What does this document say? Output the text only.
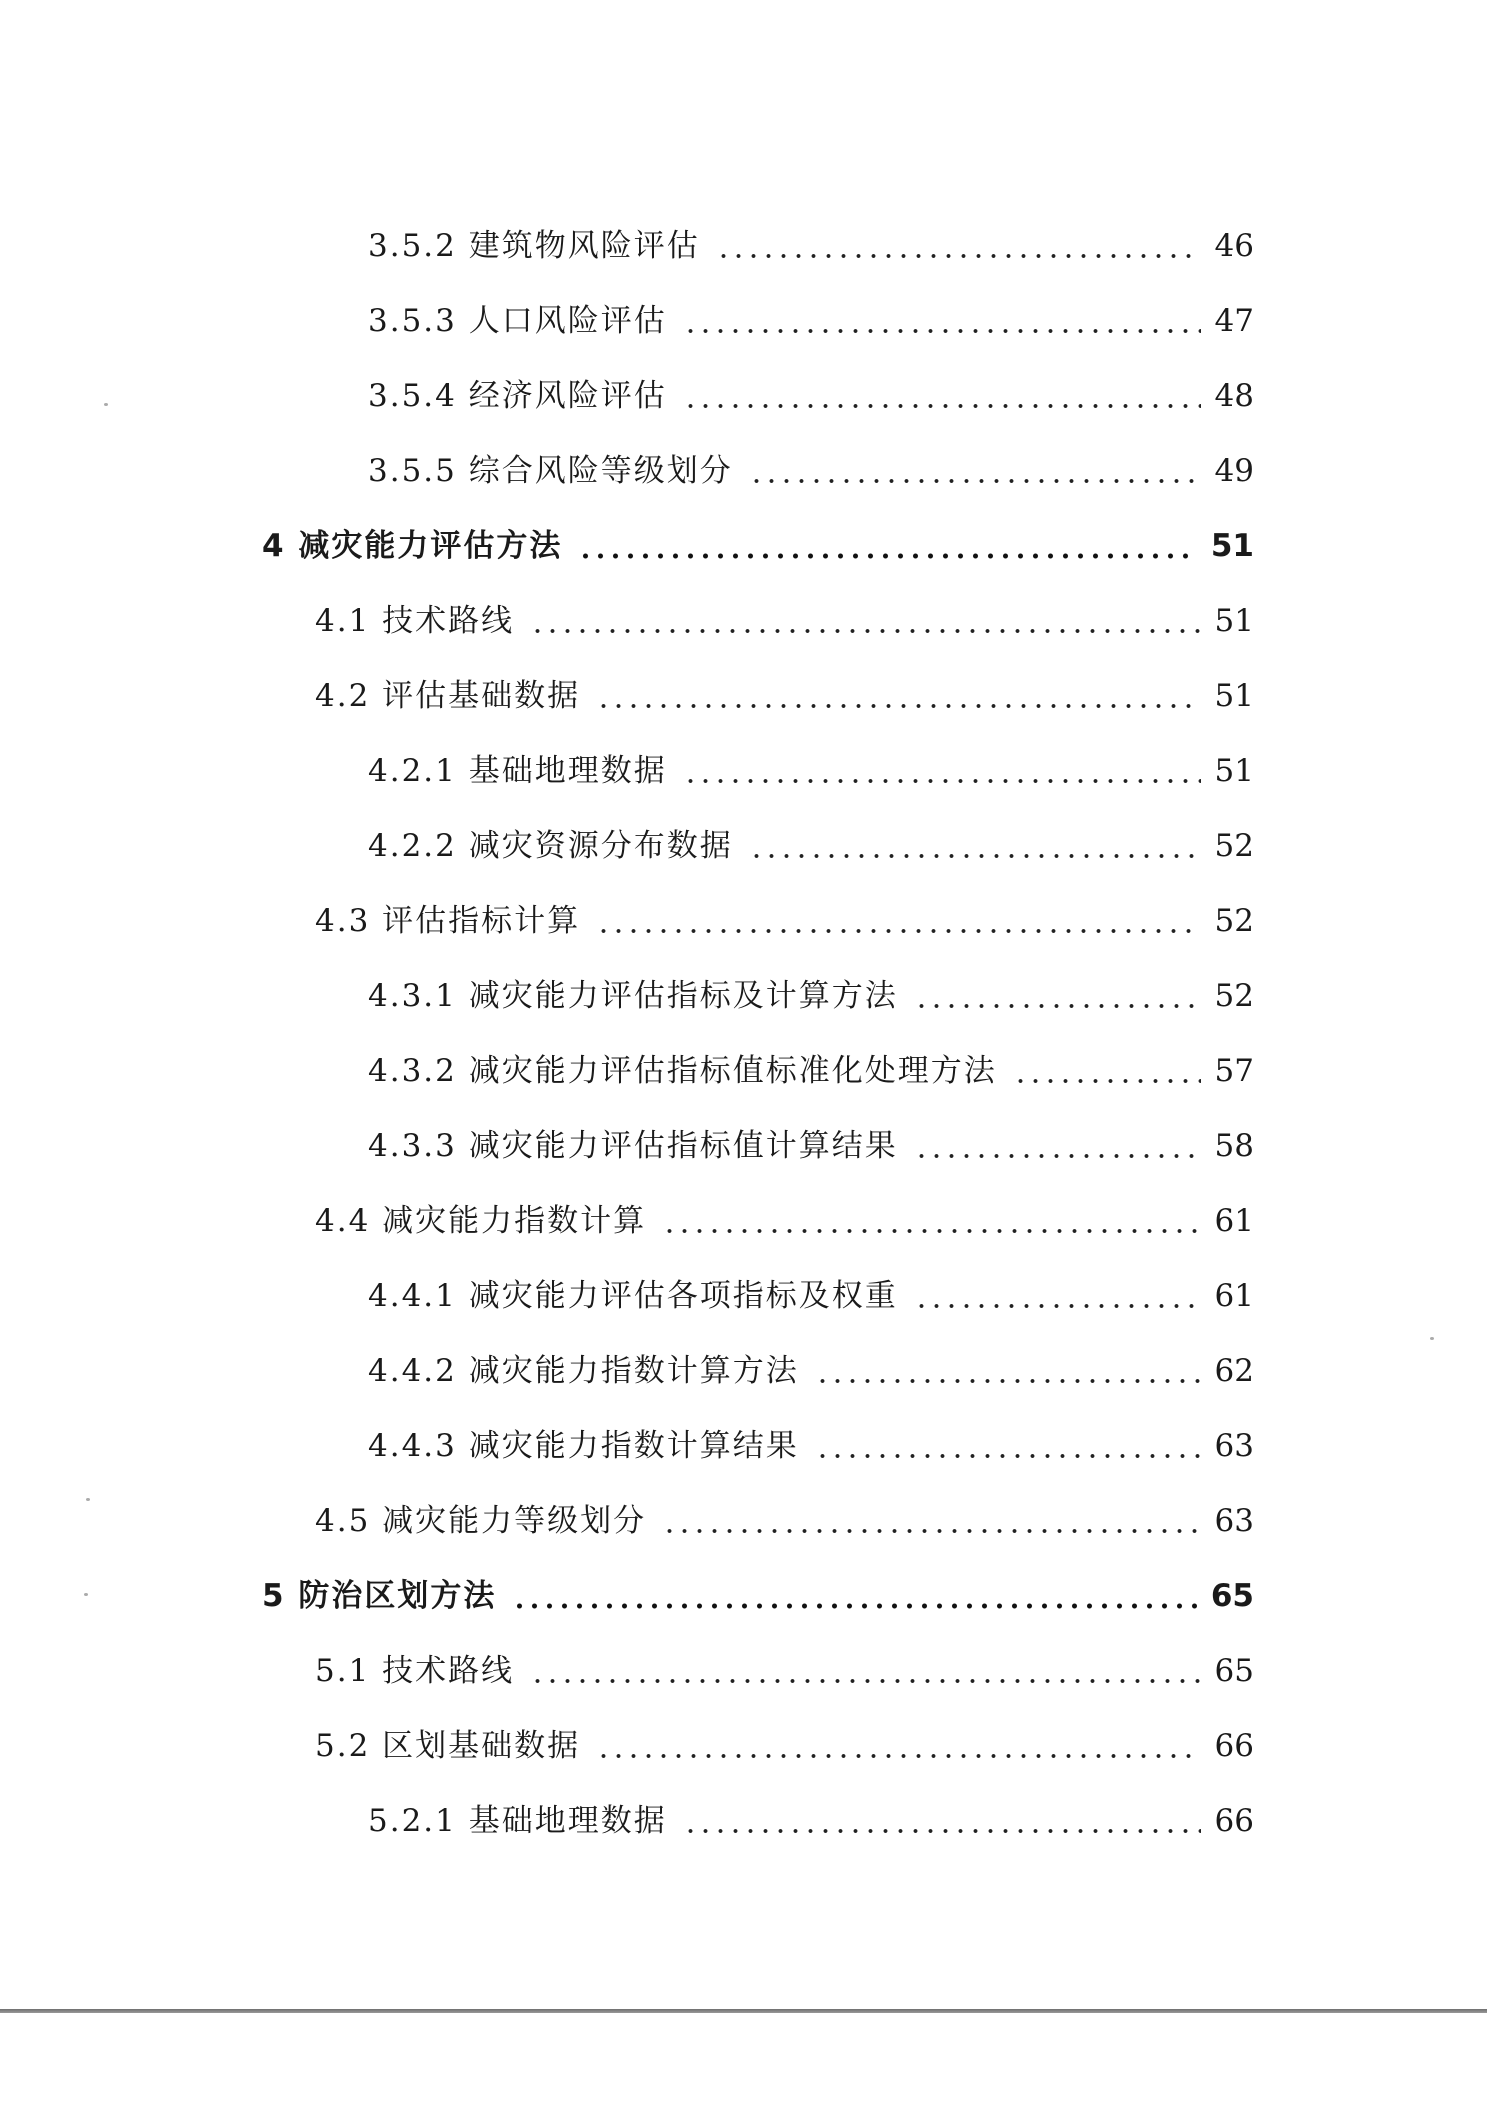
3.5.2 建筑物风险评估	46
3.5.3 人口风险评估	47
3.5.4 经济风险评估	48
3.5.5 综合风险等级划分	49
4 减灾能力评估方法	51
4.1 技术路线	51
4.2 评估基础数据	51
4.2.1 基础地理数据	51
4.2.2 减灾资源分布数据	52
4.3 评估指标计算	52
4.3.1 减灾能力评估指标及计算方法	52
4.3.2 减灾能力评估指标值标准化处理方法	57
4.3.3 减灾能力评估指标值计算结果	58
4.4 减灾能力指数计算	61
4.4.1 减灾能力评估各项指标及权重	61
4.4.2 减灾能力指数计算方法	62
4.4.3 减灾能力指数计算结果	63
4.5 减灾能力等级划分	63
5 防治区划方法	65
5.1 技术路线	65
5.2 区划基础数据	66
5.2.1 基础地理数据	66
